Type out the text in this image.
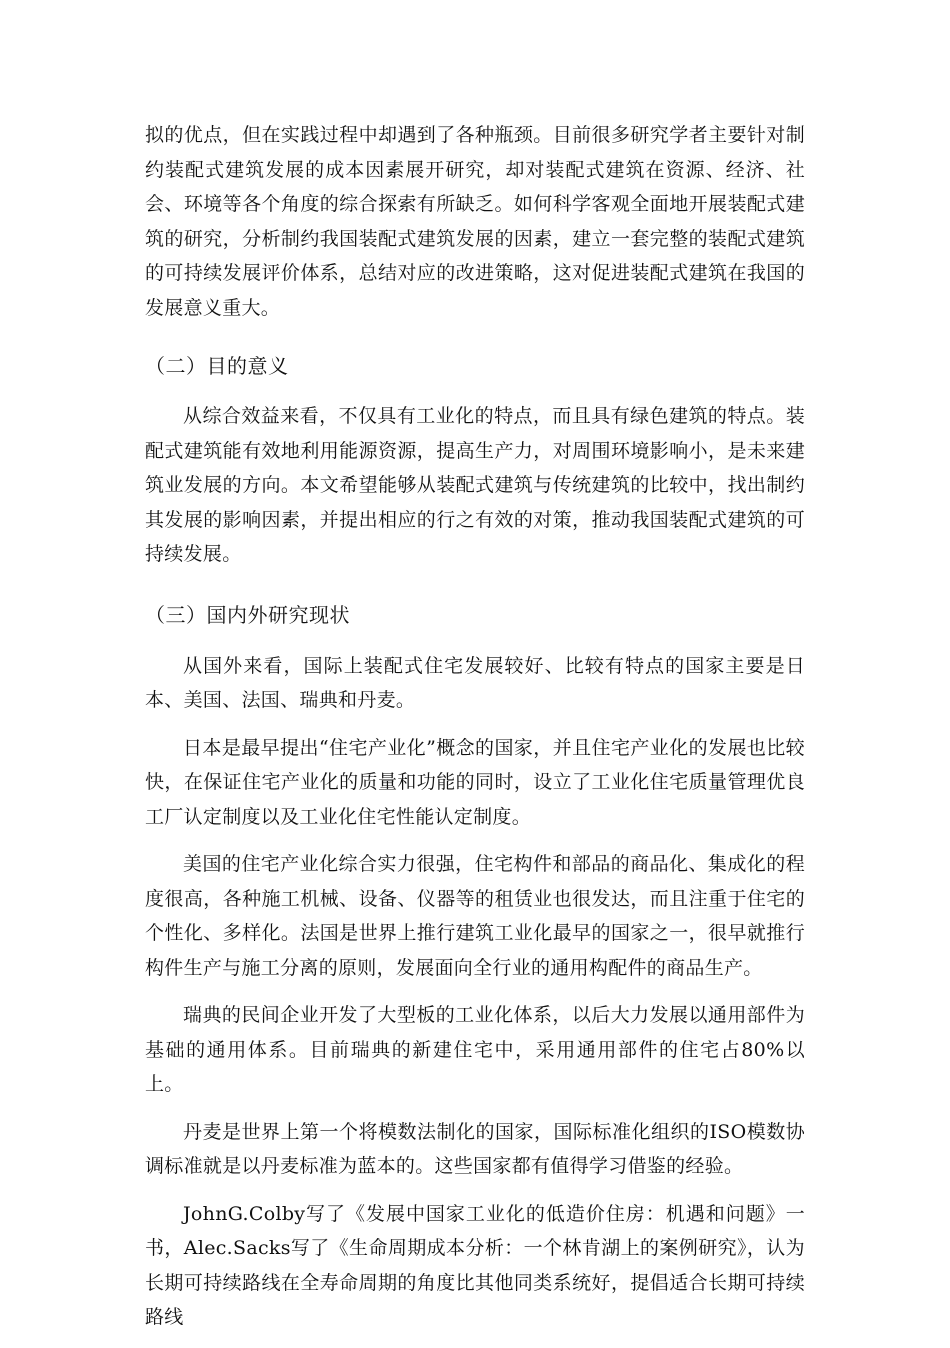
拟的优点，但在实践过程中却遇到了各种瓶颈。目前很多研究学者主要针对制约装配式建筑发展的成本因素展开研究，却对装配式建筑在资源、经济、社会、环境等各个角度的综合探索有所缺乏。如何科学客观全面地开展装配式建筑的研究，分析制约我国装配式建筑发展的因素，建立一套完整的装配式建筑的可持续发展评价体系，总结对应的改进策略，这对促进装配式建筑在我国的发展意义重大。

（二）目的意义

从综合效益来看，不仅具有工业化的特点，而且具有绿色建筑的特点。装配式建筑能有效地利用能源资源，提高生产力，对周围环境影响小，是未来建筑业发展的方向。本文希望能够从装配式建筑与传统建筑的比较中，找出制约其发展的影响因素，并提出相应的行之有效的对策，推动我国装配式建筑的可持续发展。

（三）国内外研究现状

从国外来看，国际上装配式住宅发展较好、比较有特点的国家主要是日本、美国、法国、瑞典和丹麦。

日本是最早提出“住宅产业化”概念的国家，并且住宅产业化的发展也比较快，在保证住宅产业化的质量和功能的同时，设立了工业化住宅质量管理优良工厂认定制度以及工业化住宅性能认定制度。

美国的住宅产业化综合实力很强，住宅构件和部品的商品化、集成化的程度很高，各种施工机械、设备、仪器等的租赁业也很发达，而且注重于住宅的个性化、多样化。法国是世界上推行建筑工业化最早的国家之一，很早就推行构件生产与施工分离的原则，发展面向全行业的通用构配件的商品生产。

瑞典的民间企业开发了大型板的工业化体系，以后大力发展以通用部件为基础的通用体系。目前瑞典的新建住宅中，采用通用部件的住宅占80%以上。

丹麦是世界上第一个将模数法制化的国家，国际标准化组织的ISO模数协调标准就是以丹麦标准为蓝本的。这些国家都有值得学习借鉴的经验。

JohnG.Colby写了《发展中国家工业化的低造价住房：机遇和问题》一书，Alec.Sacks写了《生命周期成本分析：一个林肯湖上的案例研究》，认为长期可持续路线在全寿命周期的角度比其他同类系统好，提倡适合长期可持续路线
